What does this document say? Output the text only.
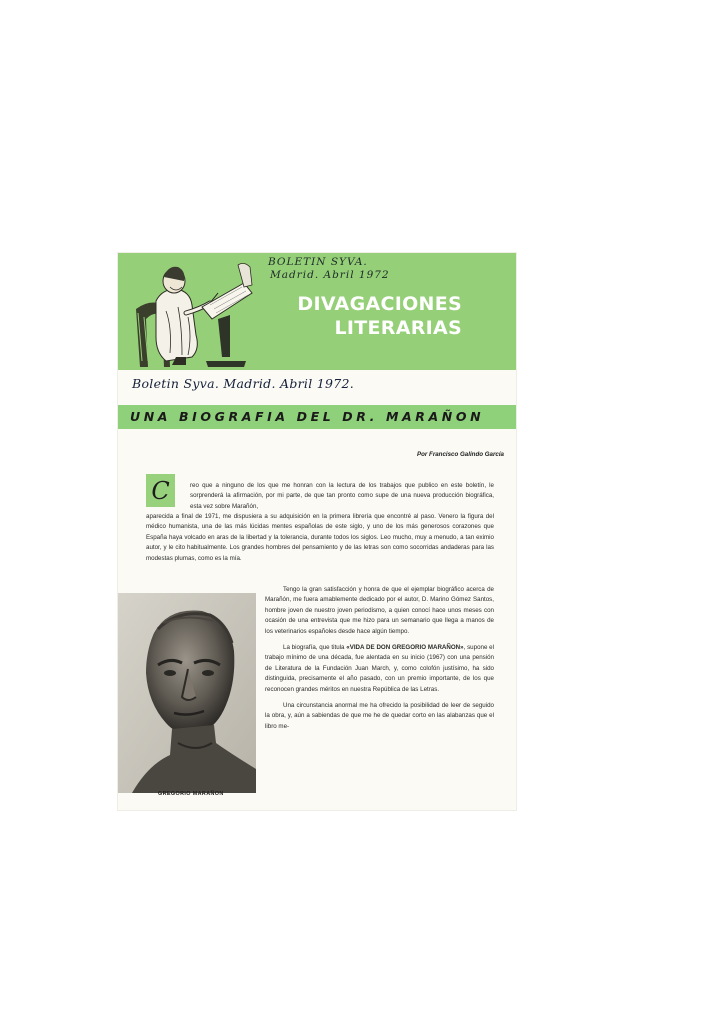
BOLETIN SYVA.
Madrid. Abril 1972
DIVAGACIONES
LITERARIAS
Boletin Syva. Madrid. Abril 1972.
UNA BIOGRAFIA DEL DR. MARAÑON
Por Francisco Galindo García
C	reo que a ninguno de los que me honran con la lectura de los trabajos que publico en este boletín, le sorprenderá la afirmación, por mi parte, de que tan pronto como supe de una nueva producción biográfica, esta vez sobre Marañón,

aparecida a final de 1971, me dispusiera a su adquisición en la primera librería que encontré al paso. Venero la figura del médico humanista, una de las más lúcidas mentes españolas de este siglo, y uno de los más generosos corazones que España haya volcado en aras de la libertad y la tolerancia, durante todos los siglos. Leo mucho, muy a menudo, a tan eximio autor, y le cito habitualmente. Los grandes hombres del pensamiento y de las letras son como socorridas andaderas para las modestas plumas, como es la mía.

GREGORIO MARAÑON

Tengo la gran satisfacción y honra de que el ejemplar biográfico acerca de Marañón, me fuera amablemente dedicado por el autor, D. Marino Gómez Santos, hombre joven de nuestro joven periodismo, a quien conocí hace unos meses con ocasión de una entrevista que me hizo para un semanario que llega a manos de los veterinarios españoles desde hace algún tiempo.

La biografía, que titula «VIDA DE DON GREGORIO MARAÑON», supone el trabajo mínimo de una década, fue alentada en su inicio (1967) con una pensión de Literatura de la Fundación Juan March, y, como colofón justísimo, ha sido distinguida, precisamente el año pasado, con un premio importante, de los que reconocen grandes méritos en nuestra República de las Letras.

Una circunstancia anormal me ha ofrecido la posibilidad de leer de seguido la obra, y, aún a sabiendas de que me he de quedar corto en las alabanzas que el libro me-
